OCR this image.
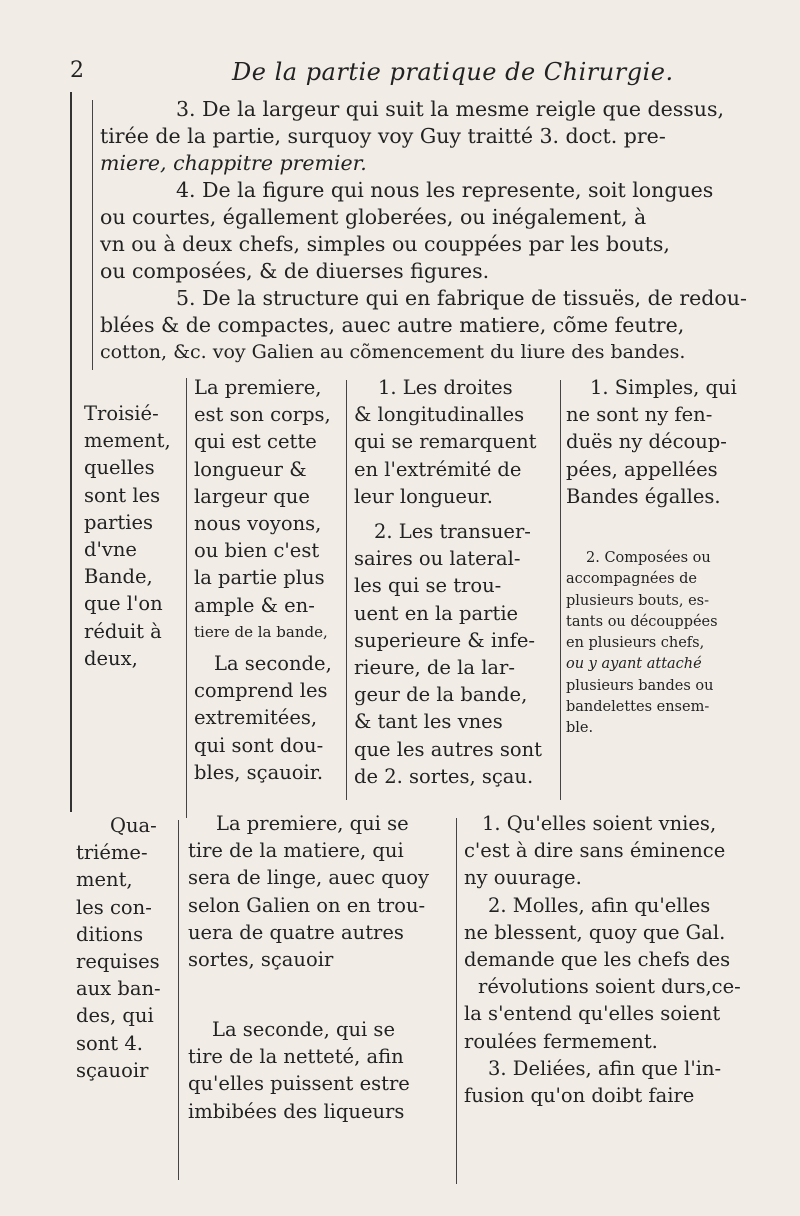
2	De la partie pratique de Chirurgie.
3. De la largeur qui suit la mesme reigle que dessus,
tirée de la partie, surquoy voy Guy traitté 3. doct. pre-
miere, chappitre premier.
4. De la figure qui nous les represente, soit longues
ou courtes, égallement globerées, ou inégalement, à
vn ou à deux chefs, simples ou couppées par les bouts,
ou composées, & de diuerses figures.
5. De la structure qui en fabrique de tissuës, de redou-
blées & de compactes, auec autre matiere, cõme feutre,
cotton, &c. voy Galien au cõmencement du liure des bandes.
Troisié-
mement,
quelles
sont les
parties
d'vne
Bande,
que l'on
réduit à
deux,
La premiere,
est son corps,
qui est cette
longueur &
largeur que
nous voyons,
ou bien c'est
la partie plus
ample & en-
tiere de la bande,
La seconde,
comprend les
extremitées,
qui sont dou-
bles, sçauoir.
1. Les droites
& longitudinalles
qui se remarquent
en l'extrémité de
leur longueur.
2. Les transuer-
saires ou lateral-
les qui se trou-
uent en la partie
superieure & infe-
rieure, de la lar-
geur de la bande,
& tant les vnes
que les autres sont
de 2. sortes, sçau.
1. Simples, qui
ne sont ny fen-
duës ny découp-
pées, appellées
Bandes égalles.
2. Composées ou
accompagnées de
plusieurs bouts, es-
tants ou découppées
en plusieurs chefs,
ou y ayant attaché
plusieurs bandes ou
bandelettes ensem-
ble.
Qua-
triéme-
ment,
les con-
ditions
requises
aux ban-
des, qui
sont 4.
sçauoir
La premiere, qui se
tire de la matiere, qui
sera de linge, auec quoy
selon Galien on en trou-
uera de quatre autres
sortes, sçauoir
La seconde, qui se
tire de la netteté, afin
qu'elles puissent estre
imbibées des liqueurs
1. Qu'elles soient vnies,
c'est à dire sans éminence
ny ouurage.
2. Molles, afin qu'elles
ne blessent, quoy que Gal.
demande que les chefs des
révolutions soient durs,ce-
la s'entend qu'elles soient
roulées fermement.
3. Deliées, afin que l'in-
fusion qu'on doibt faire
